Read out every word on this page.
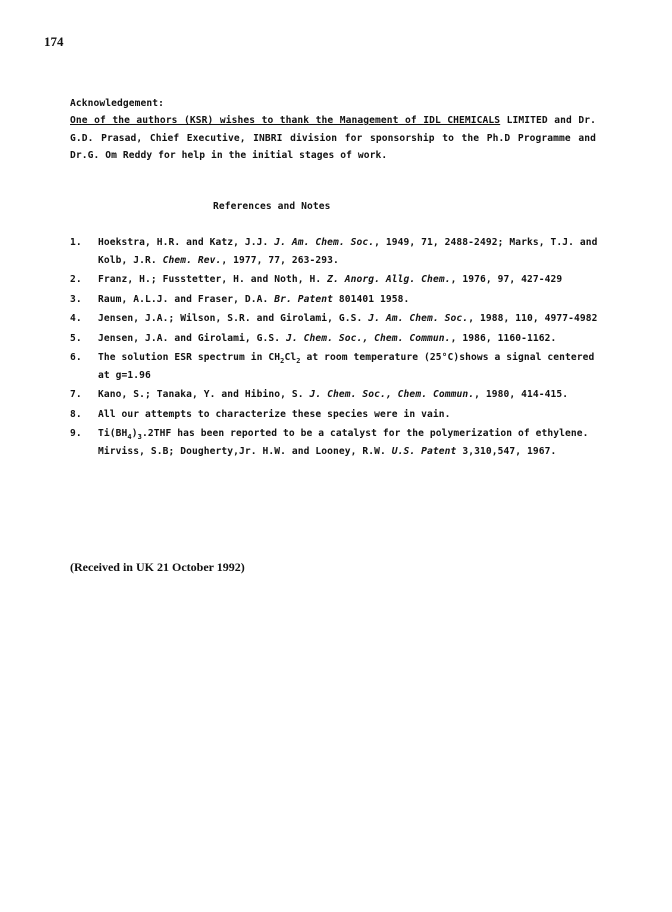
174
Acknowledgement:
One of the authors (KSR) wishes to thank the Management of IDL CHEMICALS LIMITED and Dr. G.D. Prasad, Chief Executive, INBRI division for sponsorship to the Ph.D Programme and Dr.G. Om Reddy for help in the initial stages of work.
References and Notes
1. Hoekstra, H.R. and Katz, J.J. J. Am. Chem. Soc., 1949, 71, 2488-2492; Marks, T.J. and Kolb, J.R. Chem. Rev., 1977, 77, 263-293.
2. Franz, H.; Fusstetter, H. and Noth, H. Z. Anorg. Allg. Chem., 1976, 97, 427-429
3. Raum, A.L.J. and Fraser, D.A. Br. Patent 801401 1958.
4. Jensen, J.A.; Wilson, S.R. and Girolami, G.S. J. Am. Chem. Soc., 1988, 110, 4977-4982
5. Jensen, J.A. and Girolami, G.S. J. Chem. Soc., Chem. Commun., 1986, 1160-1162.
6. The solution ESR spectrum in $CH_2Cl_2$ at room temperature (25°C)shows a signal centered at g=1.96
7. Kano, S.; Tanaka, Y. and Hibino, S. J. Chem. Soc., Chem. Commun., 1980, 414-415.
8. All our attempts to characterize these species were in vain.
9. $Ti(BH_4)_3.2THF$ has been reported to be a catalyst for the polymerization of ethylene. Mirviss, S.B; Dougherty,Jr. H.W. and Looney, R.W. U.S. Patent 3,310,547, 1967.
(Received in UK 21 October 1992)
